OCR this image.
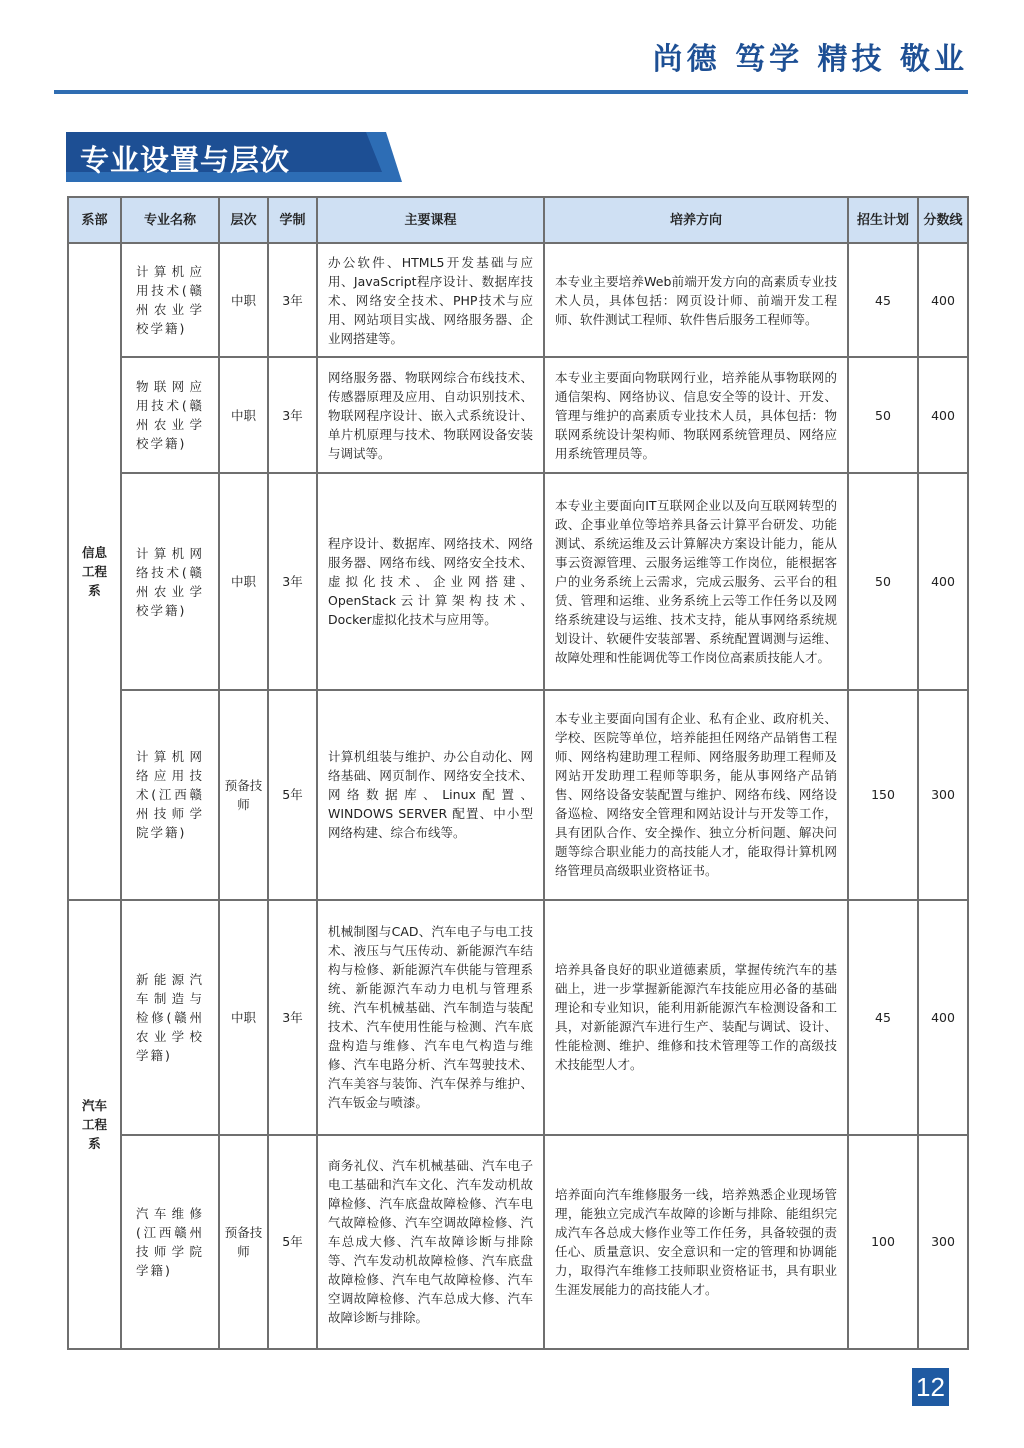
尚德 笃学 精技 敬业
专业设置与层次
系部	专业名称	层次	学制	主要课程	培养方向	招生计划	分数线
信息工程系	计算机应用技术(赣州农业学校学籍)	中职	3年	办公软件、HTML5开发基础与应用、JavaScript程序设计、数据库技术、网络安全技术、PHP技术与应用、网站项目实战、网络服务器、企业网搭建等。	本专业主要培养Web前端开发方向的高素质专业技术人员，具体包括：网页设计师、前端开发工程师、软件测试工程师、软件售后服务工程师等。	45	400
	物联网应用技术(赣州农业学校学籍)	中职	3年	网络服务器、物联网综合布线技术、传感器原理及应用、自动识别技术、物联网程序设计、嵌入式系统设计、单片机原理与技术、物联网设备安装与调试等。	本专业主要面向物联网行业，培养能从事物联网的通信架构、网络协议、信息安全等的设计、开发、管理与维护的高素质专业技术人员，具体包括：物联网系统设计架构师、物联网系统管理员、网络应用系统管理员等。	50	400
	计算机网络技术(赣州农业学校学籍)	中职	3年	程序设计、数据库、网络技术、网络服务器、网络布线、网络安全技术、虚拟化技术、企业网搭建、OpenStack云计算架构技术、Docker虚拟化技术与应用等。	本专业主要面向IT互联网企业以及向互联网转型的政、企事业单位等培养具备云计算平台研发、功能测试、系统运维及云计算解决方案设计能力，能从事云资源管理、云服务运维等工作岗位，能根据客户的业务系统上云需求，完成云服务、云平台的租赁、管理和运维、业务系统上云等工作任务以及网络系统建设与运维、技术支持，能从事网络系统规划设计、软硬件安装部署、系统配置调测与运维、故障处理和性能调优等工作岗位高素质技能人才。	50	400
	计算机网络应用技术(江西赣州技师学院学籍)	预备技师	5年	计算机组装与维护、办公自动化、网络基础、网页制作、网络安全技术、网络数据库、Linux配置、WINDOWS SERVER 配置、中小型网络构建、综合布线等。	本专业主要面向国有企业、私有企业、政府机关、学校、医院等单位，培养能担任网络产品销售工程师、网络构建助理工程师、网络服务助理工程师及网站开发助理工程师等职务，能从事网络产品销售、网络设备安装配置与维护、网络布线、网络设备巡检、网络安全管理和网站设计与开发等工作，具有团队合作、安全操作、独立分析问题、解决问题等综合职业能力的高技能人才，能取得计算机网络管理员高级职业资格证书。	150	300
汽车工程系	新能源汽车制造与检修(赣州农业学校学籍)	中职	3年	机械制图与CAD、汽车电子与电工技术、液压与气压传动、新能源汽车结构与检修、新能源汽车供能与管理系统、新能源汽车动力电机与管理系统、汽车机械基础、汽车制造与装配技术、汽车使用性能与检测、汽车底盘构造与维修、汽车电气构造与维修、汽车电路分析、汽车驾驶技术、汽车美容与装饰、汽车保养与维护、汽车钣金与喷漆。	培养具备良好的职业道德素质，掌握传统汽车的基础上，进一步掌握新能源汽车技能应用必备的基础理论和专业知识，能利用新能源汽车检测设备和工具，对新能源汽车进行生产、装配与调试、设计、性能检测、维护、维修和技术管理等工作的高级技术技能型人才。	45	400
	汽车维修(江西赣州技师学院学籍)	预备技师	5年	商务礼仪、汽车机械基础、汽车电子电工基础和汽车文化、汽车发动机故障检修、汽车底盘故障检修、汽车电气故障检修、汽车空调故障检修、汽车总成大修、汽车故障诊断与排除等、汽车发动机故障检修、汽车底盘故障检修、汽车电气故障检修、汽车空调故障检修、汽车总成大修、汽车故障诊断与排除。	培养面向汽车维修服务一线，培养熟悉企业现场管理，能独立完成汽车故障的诊断与排除、能组织完成汽车各总成大修作业等工作任务，具备较强的责任心、质量意识、安全意识和一定的管理和协调能力，取得汽车维修工技师职业资格证书，具有职业生涯发展能力的高技能人才。	100	300
12
